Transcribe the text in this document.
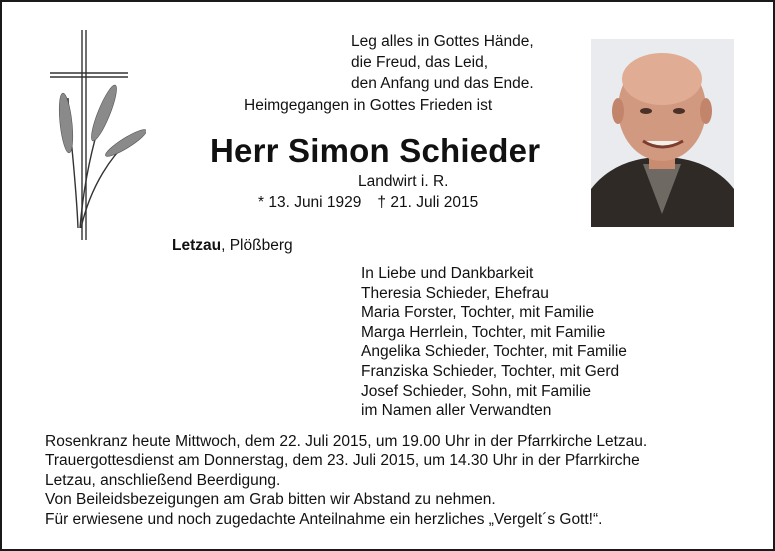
Leg alles in Gottes Hände,
die Freud, das Leid,
den Anfang und das Ende.
Heimgegangen in Gottes Frieden ist
Herr Simon Schieder
Landwirt i. R.
* 13. Juni 1929 † 21. Juli 2015
Letzau, Plößberg
In Liebe und Dankbarkeit
Theresia Schieder, Ehefrau
Maria Forster, Tochter, mit Familie
Marga Herrlein, Tochter, mit Familie
Angelika Schieder, Tochter, mit Familie
Franziska Schieder, Tochter, mit Gerd
Josef Schieder, Sohn, mit Familie
im Namen aller Verwandten
Rosenkranz heute Mittwoch, dem 22. Juli 2015, um 19.00 Uhr in der Pfarrkirche Letzau.
Trauergottesdienst am Donnerstag, dem 23. Juli 2015, um 14.30 Uhr in der Pfarrkirche
Letzau, anschließend Beerdigung.
Von Beileidsbezeigungen am Grab bitten wir Abstand zu nehmen.
Für erwiesene und noch zugedachte Anteilnahme ein herzliches „Vergelt´s Gott!“.
